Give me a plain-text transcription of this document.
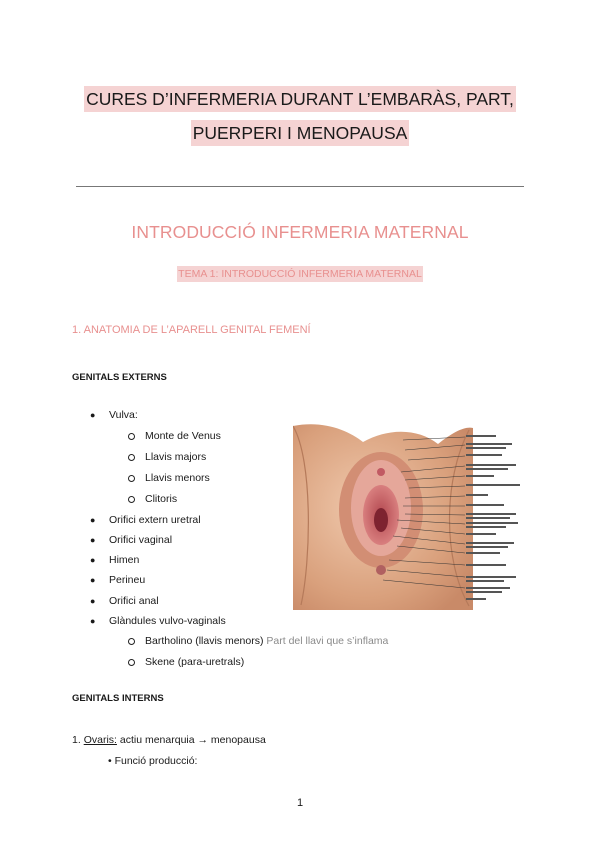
CURES D’INFERMERIA DURANT L’EMBARÀS, PART,
PUERPERI I MENOPAUSA
INTRODUCCIÓ INFERMERIA MATERNAL
TEMA 1: INTRODUCCIÓ INFERMERIA MATERNAL
1. ANATOMIA DE L’APARELL GENITAL FEMENÍ
GENITALS EXTERNS
● Vulva:
Monte de Venus
Llavis majors
Llavis menors
Clitoris
● Orifici extern uretral
● Orifici vaginal
● Himen
● Perineu
● Orifici anal
● Glàndules vulvo-vaginals
Bartholino (llavis menors) Part del llavi que s’inflama
Skene (para-uretrals)
GENITALS INTERNS
1. Ovaris: actiu menarquia → menopausa
• Funció producció:
1
